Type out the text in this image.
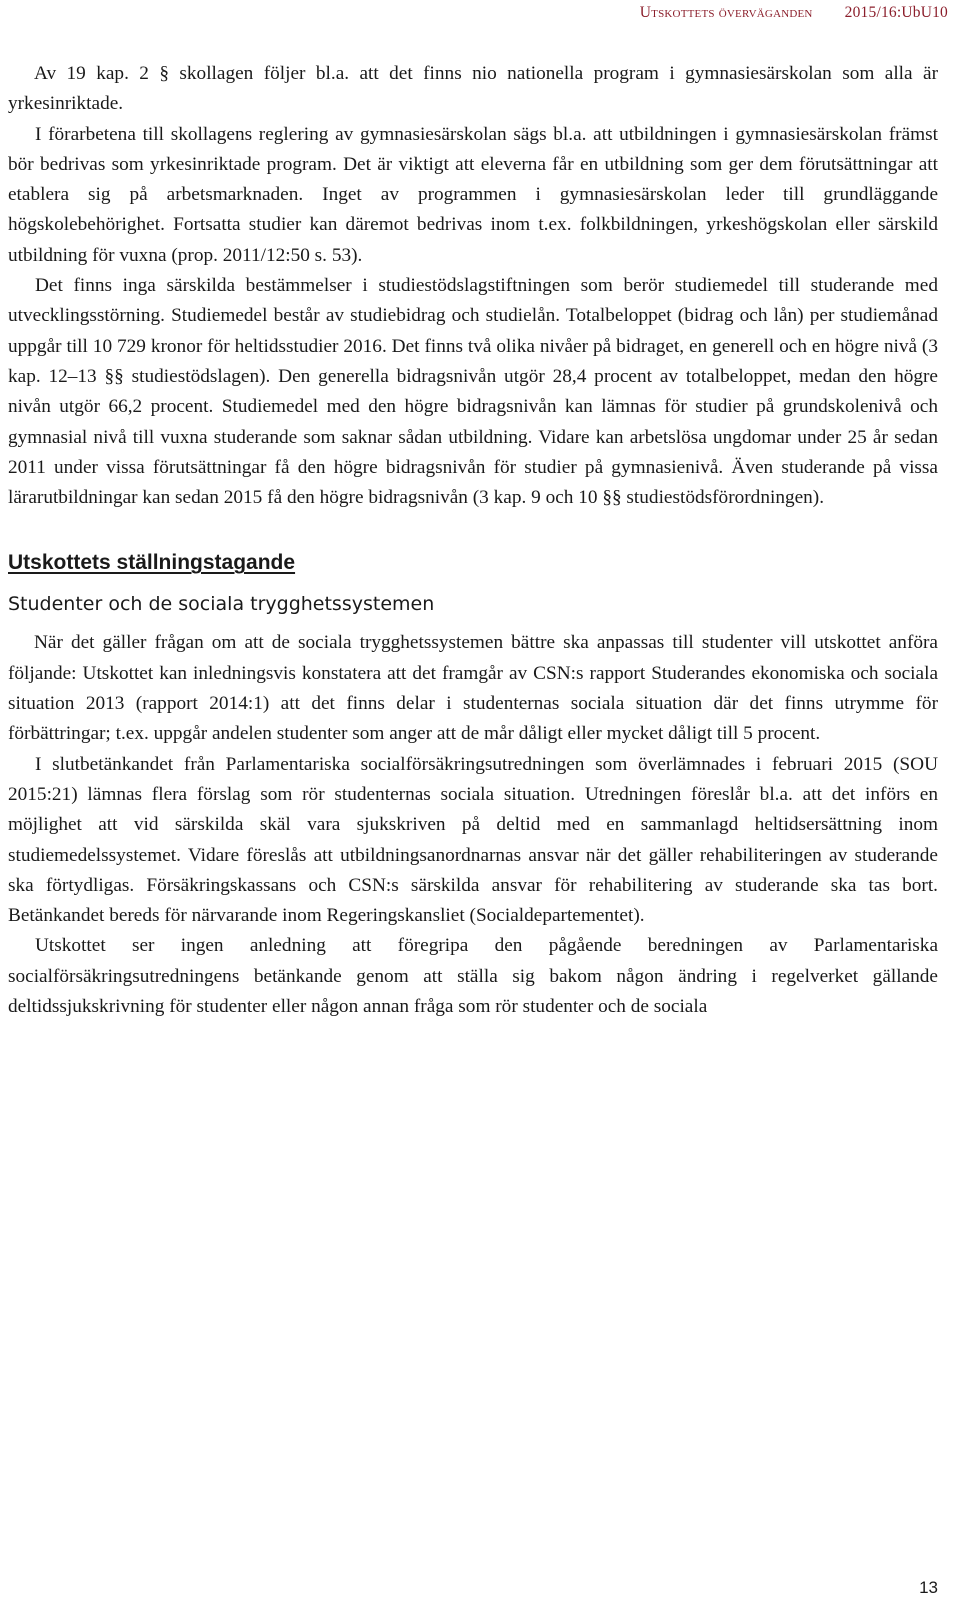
Utskottets överväganden 2015/16:UbU10

Av 19 kap. 2 § skollagen följer bl.a. att det finns nio nationella program i gymnasiesärskolan som alla är yrkesinriktade.

I förarbetena till skollagens reglering av gymnasiesärskolan sägs bl.a. att utbildningen i gymnasiesärskolan främst bör bedrivas som yrkesinriktade program. Det är viktigt att eleverna får en utbildning som ger dem förutsättningar att etablera sig på arbetsmarknaden. Inget av programmen i gymnasiesärskolan leder till grundläggande högskolebehörighet. Fortsatta studier kan däremot bedrivas inom t.ex. folkbildningen, yrkeshögskolan eller särskild utbildning för vuxna (prop. 2011/12:50 s. 53).

Det finns inga särskilda bestämmelser i studiestödslagstiftningen som berör studiemedel till studerande med utvecklingsstörning. Studiemedel består av studiebidrag och studielån. Totalbeloppet (bidrag och lån) per studiemånad uppgår till 10 729 kronor för heltidsstudier 2016. Det finns två olika nivåer på bidraget, en generell och en högre nivå (3 kap. 12–13 §§ studiestödslagen). Den generella bidragsnivån utgör 28,4 procent av totalbeloppet, medan den högre nivån utgör 66,2 procent. Studiemedel med den högre bidragsnivån kan lämnas för studier på grundskolenivå och gymnasial nivå till vuxna studerande som saknar sådan utbildning. Vidare kan arbetslösa ungdomar under 25 år sedan 2011 under vissa förutsättningar få den högre bidragsnivån för studier på gymnasienivå. Även studerande på vissa lärarutbildningar kan sedan 2015 få den högre bidragsnivån (3 kap. 9 och 10 §§ studiestödsförordningen).

Utskottets ställningstagande
Studenter och de sociala trygghetssystemen

När det gäller frågan om att de sociala trygghetssystemen bättre ska anpassas till studenter vill utskottet anföra följande: Utskottet kan inledningsvis konstatera att det framgår av CSN:s rapport Studerandes ekonomiska och sociala situation 2013 (rapport 2014:1) att det finns delar i studenternas sociala situation där det finns utrymme för förbättringar; t.ex. uppgår andelen studenter som anger att de mår dåligt eller mycket dåligt till 5 procent.

I slutbetänkandet från Parlamentariska socialförsäkringsutredningen som överlämnades i februari 2015 (SOU 2015:21) lämnas flera förslag som rör studenternas sociala situation. Utredningen föreslår bl.a. att det införs en möjlighet att vid särskilda skäl vara sjukskriven på deltid med en sammanlagd heltidsersättning inom studiemedelssystemet. Vidare föreslås att utbildningsanordnarnas ansvar när det gäller rehabiliteringen av studerande ska förtydligas. Försäkringskassans och CSN:s särskilda ansvar för rehabilitering av studerande ska tas bort. Betänkandet bereds för närvarande inom Regeringskansliet (Socialdepartementet).

Utskottet ser ingen anledning att föregripa den pågående beredningen av Parlamentariska socialförsäkringsutredningens betänkande genom att ställa sig bakom någon ändring i regelverket gällande deltidssjukskrivning för studenter eller någon annan fråga som rör studenter och de sociala

13
